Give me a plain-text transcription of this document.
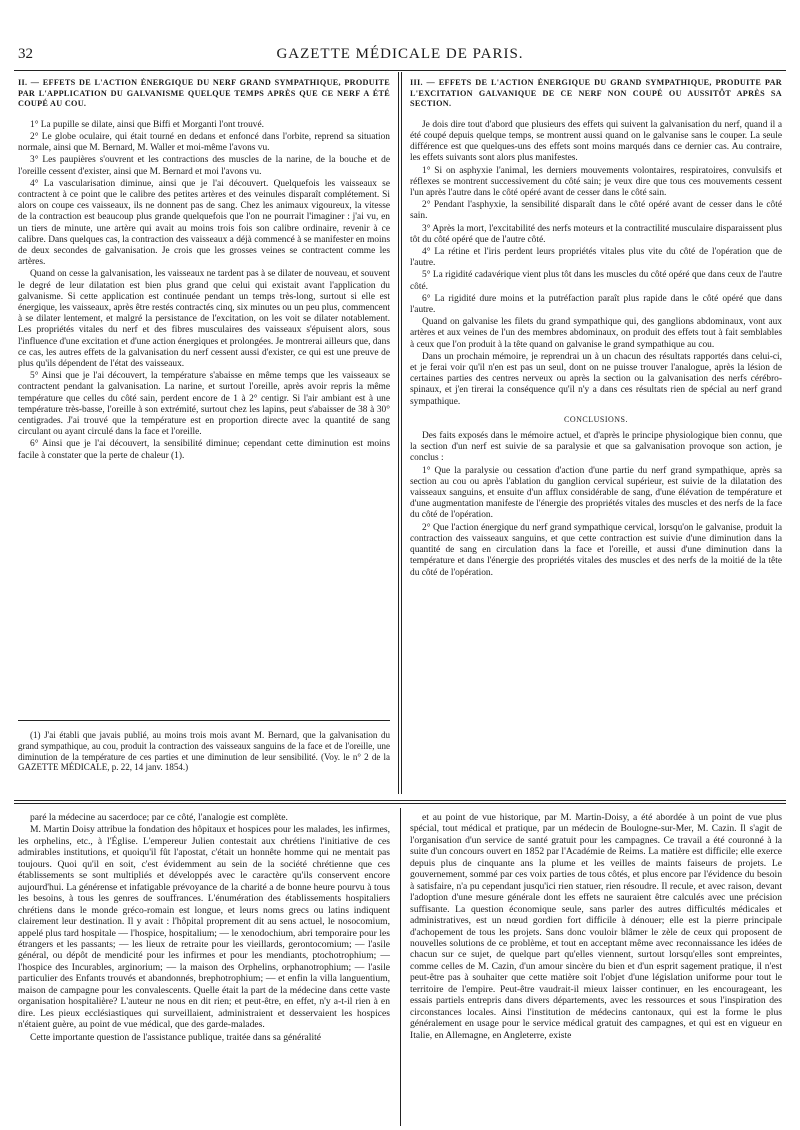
32	GAZETTE MÉDICALE DE PARIS.

II. — EFFETS DE L'ACTION ÉNERGIQUE DU NERF GRAND SYMPATHIQUE, PRODUITE PAR L'APPLICATION DU GALVANISME QUELQUE TEMPS APRÈS QUE CE NERF A ÉTÉ COUPÉ AU COU.

1° La pupille se dilate, ainsi que Biffi et Morganti l'ont trouvé.

2° Le globe oculaire, qui était tourné en dedans et enfoncé dans l'orbite, reprend sa situation normale, ainsi que M. Bernard, M. Waller et moi-même l'avons vu.

3° Les paupières s'ouvrent et les contractions des muscles de la narine, de la bouche et de l'oreille cessent d'exister, ainsi que M. Bernard et moi l'avons vu.

4° La vascularisation diminue, ainsi que je l'ai découvert. Quelquefois les vaisseaux se contractent à ce point que le calibre des petites artères et des veinules disparaît complétement. Si alors on coupe ces vaisseaux, ils ne donnent pas de sang. Chez les animaux vigoureux, la vitesse de la contraction est beaucoup plus grande quelquefois que l'on ne pourrait l'imaginer : j'ai vu, en un tiers de minute, une artère qui avait au moins trois fois son calibre ordinaire, revenir à ce calibre. Dans quelques cas, la contraction des vaisseaux a déjà commencé à se manifester en moins de deux secondes de galvanisation. Je crois que les grosses veines se contractent comme les artères.

Quand on cesse la galvanisation, les vaisseaux ne tardent pas à se dilater de nouveau, et souvent le degré de leur dilatation est bien plus grand que celui qui existait avant l'application du galvanisme. Si cette application est continuée pendant un temps très-long, surtout si elle est énergique, les vaisseaux, après être restés contractés cinq, six minutes ou un peu plus, commencent à se dilater lentement, et malgré la persistance de l'excitation, on les voit se dilater notablement. Les propriétés vitales du nerf et des fibres musculaires des vaisseaux s'épuisent alors, sous l'influence d'une excitation et d'une action énergiques et prolongées. Je montrerai ailleurs que, dans ce cas, les autres effets de la galvanisation du nerf cessent aussi d'exister, ce qui est une preuve de plus qu'ils dépendent de l'état des vaisseaux.

5° Ainsi que je l'ai découvert, la température s'abaisse en même temps que les vaisseaux se contractent pendant la galvanisation. La narine, et surtout l'oreille, après avoir repris la même température que celles du côté sain, perdent encore de 1 à 2° centigr. Si l'air ambiant est à une température très-basse, l'oreille à son extrémité, surtout chez les lapins, peut s'abaisser de 38 à 30° centigrades. J'ai trouvé que la température est en proportion directe avec la quantité de sang circulant ou ayant circulé dans la face et l'oreille.

6° Ainsi que je l'ai découvert, la sensibilité diminue; cependant cette diminution est moins facile à constater que la perte de chaleur (1).

(1) J'ai établi que javais publié, au moins trois mois avant M. Bernard, que la galvanisation du grand sympathique, au cou, produit la contraction des vaisseaux sanguins de la face et de l'oreille, une diminution de la température de ces parties et une diminution de leur sensibilité. (Voy. le n° 2 de la GAZETTE MÉDICALE, p. 22, 14 janv. 1854.)

III. — EFFETS DE L'ACTION ÉNERGIQUE DU GRAND SYMPATHIQUE, PRODUITE PAR L'EXCITATION GALVANIQUE DE CE NERF NON COUPÉ OU AUSSITÔT APRÈS SA SECTION.

Je dois dire tout d'abord que plusieurs des effets qui suivent la galvanisation du nerf, quand il a été coupé depuis quelque temps, se montrent aussi quand on le galvanise sans le couper. La seule différence est que quelques-uns des effets sont moins marqués dans ce dernier cas. Au contraire, les effets suivants sont alors plus manifestes.

1° Si on asphyxie l'animal, les derniers mouvements volontaires, respiratoires, convulsifs et réflexes se montrent successivement du côté sain; je veux dire que tous ces mouvements cessent l'un après l'autre dans le côté opéré avant de cesser dans le côté sain.

2° Pendant l'asphyxie, la sensibilité disparaît dans le côté opéré avant de cesser dans le côté sain.

3° Après la mort, l'excitabilité des nerfs moteurs et la contractilité musculaire disparaissent plus tôt du côté opéré que de l'autre côté.

4° La rétine et l'iris perdent leurs propriétés vitales plus vite du côté de l'opération que de l'autre.

5° La rigidité cadavérique vient plus tôt dans les muscles du côté opéré que dans ceux de l'autre côté.

6° La rigidité dure moins et la putréfaction paraît plus rapide dans le côté opéré que dans l'autre.

Quand on galvanise les filets du grand sympathique qui, des ganglions abdominaux, vont aux artères et aux veines de l'un des membres abdominaux, on produit des effets tout à fait semblables à ceux que l'on produit à la tête quand on galvanise le grand sympathique au cou.

Dans un prochain mémoire, je reprendrai un à un chacun des résultats rapportés dans celui-ci, et je ferai voir qu'il n'en est pas un seul, dont on ne puisse trouver l'analogue, après la lésion de certaines parties des centres nerveux ou après la section ou la galvanisation des nerfs cérébro-spinaux, et j'en tirerai la conséquence qu'il n'y a dans ces résultats rien de spécial au nerf grand sympathique.

CONCLUSIONS.

Des faits exposés dans le mémoire actuel, et d'après le principe physiologique bien connu, que la section d'un nerf est suivie de sa paralysie et que sa galvanisation provoque son action, je conclus :

1° Que la paralysie ou cessation d'action d'une partie du nerf grand sympathique, après sa section au cou ou après l'ablation du ganglion cervical supérieur, est suivie de la dilatation des vaisseaux sanguins, et ensuite d'un afflux considérable de sang, d'une élévation de température et d'une augmentation manifeste de l'énergie des propriétés vitales des muscles et des nerfs de la face du côté de l'opération.

2° Que l'action énergique du nerf grand sympathique cervical, lorsqu'on le galvanise, produit la contraction des vaisseaux sanguins, et que cette contraction est suivie d'une diminution dans la quantité de sang en circulation dans la face et l'oreille, et aussi d'une diminution dans la température et dans l'énergie des propriétés vitales des muscles et des nerfs de la moitié de la tête du côté de l'opération.

paré la médecine au sacerdoce; par ce côté, l'analogie est complète.

M. Martin Doisy attribue la fondation des hôpitaux et hospices pour les malades, les infirmes, les orphelins, etc., à l'Église. L'empereur Julien contestait aux chrétiens l'initiative de ces admirables institutions, et quoiqu'il fût l'apostat, c'était un honnête homme qui ne mentait pas toujours. Quoi qu'il en soit, c'est évidemment au sein de la société chrétienne que ces établissements se sont multipliés et développés avec le caractère qu'ils conservent encore aujourd'hui. La générense et infatigable prévoyance de la charité a de bonne heure pourvu à tous les besoins, à tous les genres de souffrances. L'énumération des établissements hospitaliers chrétiens dans le monde gréco-romain est longue, et leurs noms grecs ou latins indiquent clairement leur destination. Il y avait : l'hôpital proprement dit au sens actuel, le nosocomium, appelé plus tard hospitale — l'hospice, hospitalium; — le xenodochium, abri temporaire pour les étrangers et les passants; — les lieux de retraite pour les vieillards, gerontocomium; — l'asile général, ou dépôt de mendicité pour les infirmes et pour les mendiants, ptochotrophium; — l'hospice des Incurables, arginorium; — la maison des Orphelins, orphanotrophium; — l'asile particulier des Enfants trouvés et abandonnés, brephotrophium; — et enfin la villa languentium, maison de campagne pour les convalescents. Quelle était la part de la médecine dans cette vaste organisation hospitalière? L'auteur ne nous en dit rien; et peut-être, en effet, n'y a-t-il rien à en dire. Les pieux ecclésiastiques qui surveillaient, administraient et desservaient les hospices n'étaient guère, au point de vue médical, que des garde-malades.

Cette importante question de l'assistance publique, traitée dans sa généralité

et au point de vue historique, par M. Martin-Doisy, a été abordée à un point de vue plus spécial, tout médical et pratique, par un médecin de Boulogne-sur-Mer, M. Cazin. Il s'agit de l'organisation d'un service de santé gratuit pour les campagnes. Ce travail a été couronné à la suite d'un concours ouvert en 1852 par l'Académie de Reims. La matière est difficile; elle exerce depuis plus de cinquante ans la plume et les veilles de maints faiseurs de projets. Le gouvernement, sommé par ces voix parties de tous côtés, et plus encore par l'évidence du besoin à satisfaire, n'a pu cependant jusqu'ici rien statuer, rien résoudre. Il recule, et avec raison, devant l'adoption d'une mesure générale dont les effets ne sauraient être calculés avec une précision suffisante. La question économique seule, sans parler des autres difficultés médicales et administratives, est un nœud gordien fort difficile à dénouer; elle est la pierre principale d'achopement de tous les projets. Sans donc vouloir blâmer le zèle de ceux qui proposent de nouvelles solutions de ce problème, et tout en acceptant même avec reconnaissance les idées de chacun sur ce sujet, de quelque part qu'elles viennent, surtout lorsqu'elles sont empreintes, comme celles de M. Cazin, d'un amour sincère du bien et d'un esprit sagement pratique, il n'est peut-être pas à souhaiter que cette matière soit l'objet d'une législation uniforme pour tout le territoire de l'empire. Peut-être vaudrait-il mieux laisser continuer, en les encourageant, les essais partiels entrepris dans divers départements, avec les ressources et sous l'inspiration des circonstances locales. Ainsi l'institution de médecins cantonaux, qui est la forme le plus généralement en usage pour le service médical gratuit des campagnes, et qui est en vigueur en Italie, en Allemagne, en Angleterre, existe
